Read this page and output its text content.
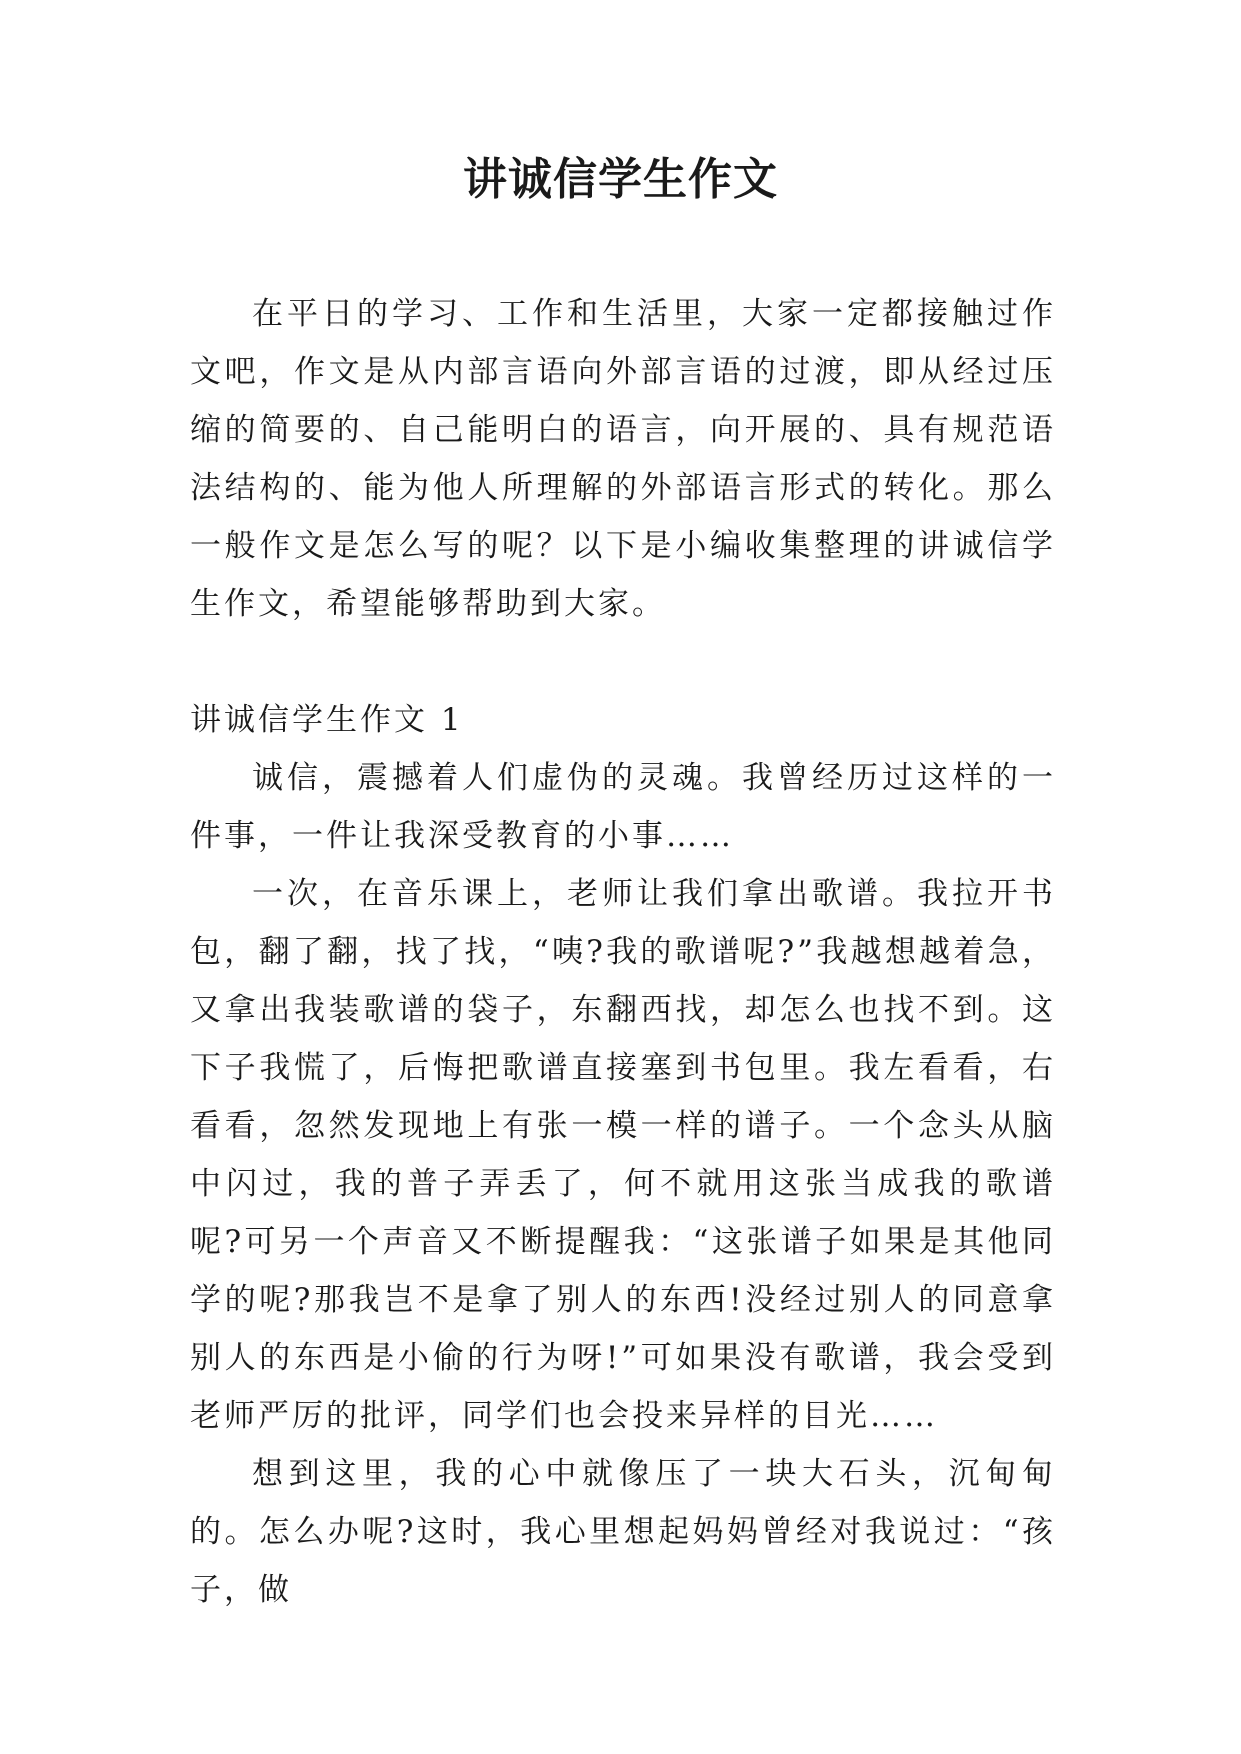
讲诚信学生作文

在平日的学习、工作和生活里，大家一定都接触过作文吧，作文是从内部言语向外部言语的过渡，即从经过压缩的简要的、自己能明白的语言，向开展的、具有规范语法结构的、能为他人所理解的外部语言形式的转化。那么一般作文是怎么写的呢？以下是小编收集整理的讲诚信学生作文，希望能够帮助到大家。

讲诚信学生作文 1

诚信，震撼着人们虚伪的灵魂。我曾经历过这样的一件事，一件让我深受教育的小事……

一次，在音乐课上，老师让我们拿出歌谱。我拉开书包，翻了翻，找了找，“咦?我的歌谱呢?”我越想越着急，又拿出我装歌谱的袋子，东翻西找，却怎么也找不到。这下子我慌了，后悔把歌谱直接塞到书包里。我左看看，右看看，忽然发现地上有张一模一样的谱子。一个念头从脑中闪过，我的普子弄丢了，何不就用这张当成我的歌谱呢?可另一个声音又不断提醒我：“这张谱子如果是其他同学的呢?那我岂不是拿了别人的东西!没经过别人的同意拿别人的东西是小偷的行为呀!”可如果没有歌谱，我会受到老师严厉的批评，同学们也会投来异样的目光……

想到这里，我的心中就像压了一块大石头，沉甸甸的。怎么办呢?这时，我心里想起妈妈曾经对我说过：“孩子，做
